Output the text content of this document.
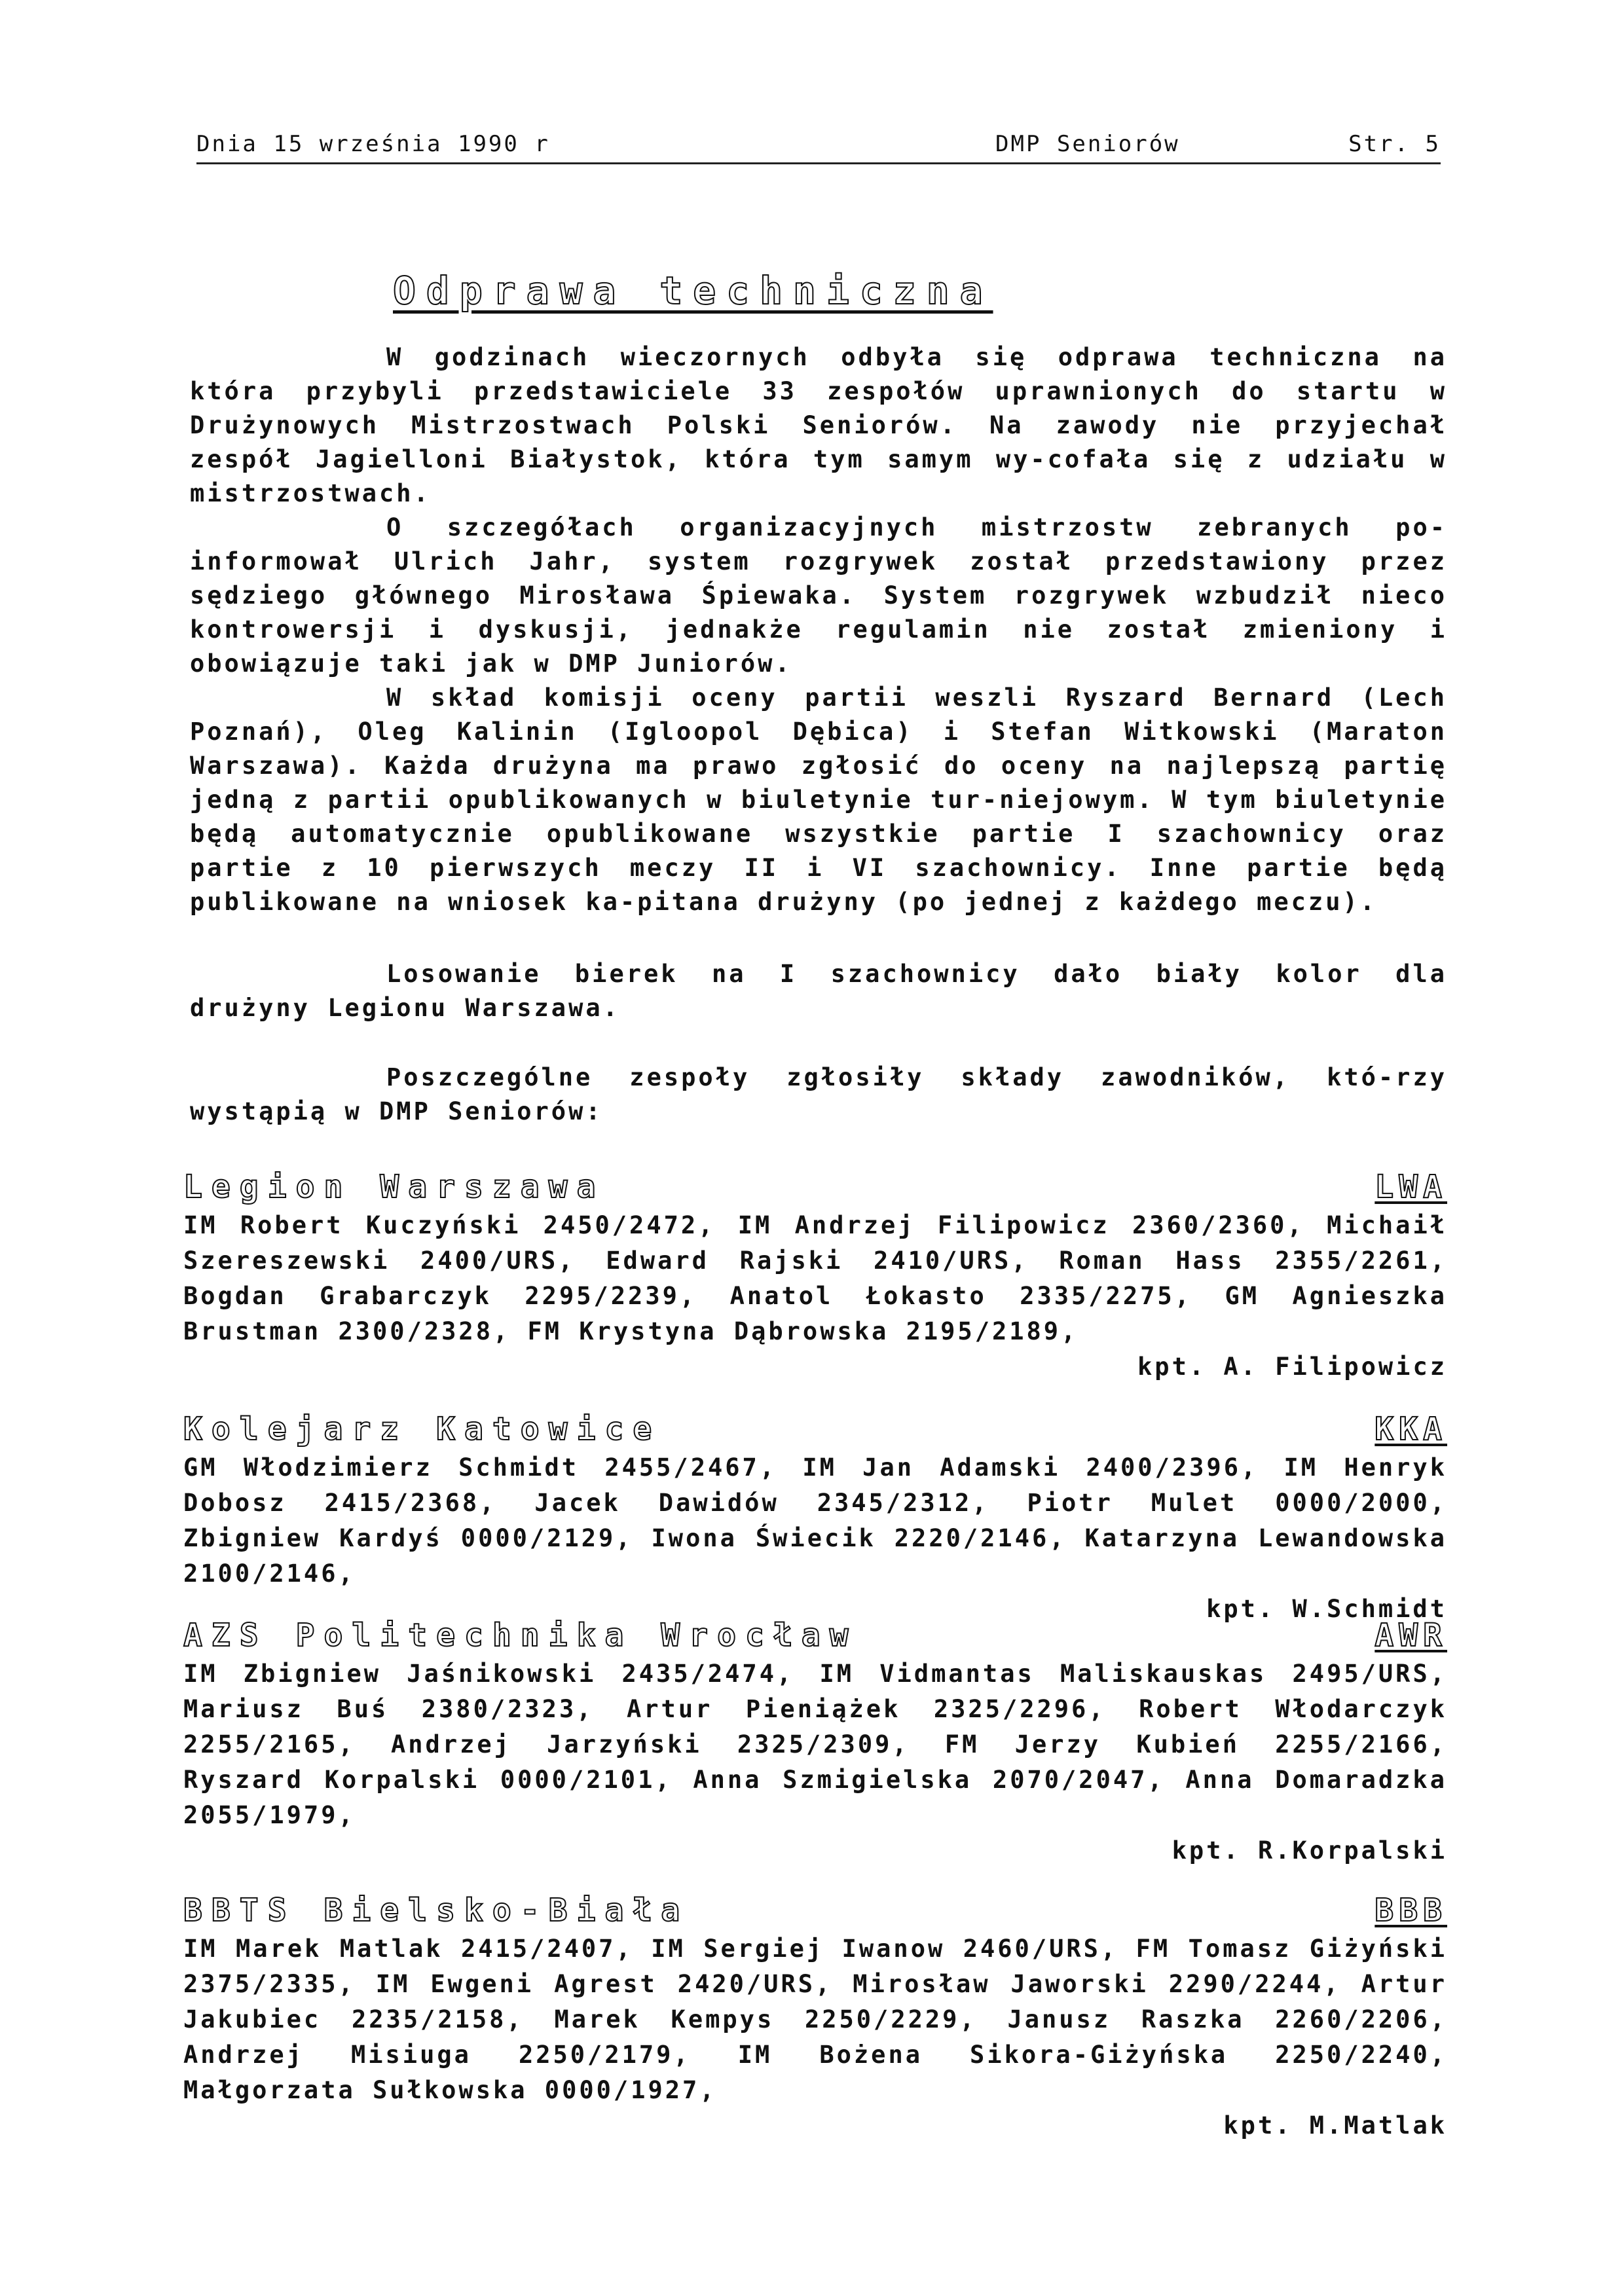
Dnia 15 września 1990 r	DMP Seniorów	Str. 5
Odprawa techniczna

W godzinach wieczornych odbyła się odprawa techniczna na która przybyli przedstawiciele 33 zespołów uprawnionych do startu w Drużynowych Mistrzostwach Polski Seniorów. Na zawody nie przyjechał zespół Jagielloni Białystok, która tym samym wy-cofała się z udziału w mistrzostwach.

O szczegółach organizacyjnych mistrzostw zebranych po-informował Ulrich Jahr, system rozgrywek został przedstawiony przez sędziego głównego Mirosława Śpiewaka. System rozgrywek wzbudził nieco kontrowersji i dyskusji, jednakże regulamin nie został zmieniony i obowiązuje taki jak w DMP Juniorów.

W skład komisji oceny partii weszli Ryszard Bernard (Lech Poznań), Oleg Kalinin (Igloopol Dębica) i Stefan Witkowski (Maraton Warszawa). Każda drużyna ma prawo zgłosić do oceny na najlepszą partię jedną z partii opublikowanych w biuletynie tur-niejowym. W tym biuletynie będą automatycznie opublikowane wszystkie partie I szachownicy oraz partie z 10 pierwszych meczy II i VI szachownicy. Inne partie będą publikowane na wniosek ka-pitana drużyny (po jednej z każdego meczu).

Losowanie bierek na I szachownicy dało biały kolor dla drużyny Legionu Warszawa.

Poszczególne zespoły zgłosiły składy zawodników, któ-rzy wystąpią w DMP Seniorów:

Legion Warszawa	LWA

IM Robert Kuczyński 2450/2472, IM Andrzej Filipowicz 2360/2360, Michaił Szereszewski 2400/URS, Edward Rajski 2410/URS, Roman Hass 2355/2261, Bogdan Grabarczyk 2295/2239, Anatol Łokasto 2335/2275, GM Agnieszka Brustman 2300/2328, FM Krystyna Dąbrowska 2195/2189,

kpt. A. Filipowicz

Kolejarz Katowice	KKA

GM Włodzimierz Schmidt 2455/2467, IM Jan Adamski 2400/2396, IM Henryk Dobosz 2415/2368, Jacek Dawidów 2345/2312, Piotr Mulet 0000/2000, Zbigniew Kardyś 0000/2129, Iwona Świecik 2220/2146, Katarzyna Lewandowska 2100/2146,

kpt. W.Schmidt

AZS Politechnika Wrocław	AWR

IM Zbigniew Jaśnikowski 2435/2474, IM Vidmantas Maliskauskas 2495/URS, Mariusz Buś 2380/2323, Artur Pieniążek 2325/2296, Robert Włodarczyk 2255/2165, Andrzej Jarzyński 2325/2309, FM Jerzy Kubień 2255/2166, Ryszard Korpalski 0000/2101, Anna Szmigielska 2070/2047, Anna Domaradzka 2055/1979,

kpt. R.Korpalski

BBTS Bielsko-Biała	BBB

IM Marek Matlak 2415/2407, IM Sergiej Iwanow 2460/URS, FM Tomasz Giżyński 2375/2335, IM Ewgeni Agrest 2420/URS, Mirosław Jaworski 2290/2244, Artur Jakubiec 2235/2158, Marek Kempys 2250/2229, Janusz Raszka 2260/2206, Andrzej Misiuga 2250/2179, IM Bożena Sikora-Giżyńska 2250/2240, Małgorzata Sułkowska 0000/1927,

kpt. M.Matlak
